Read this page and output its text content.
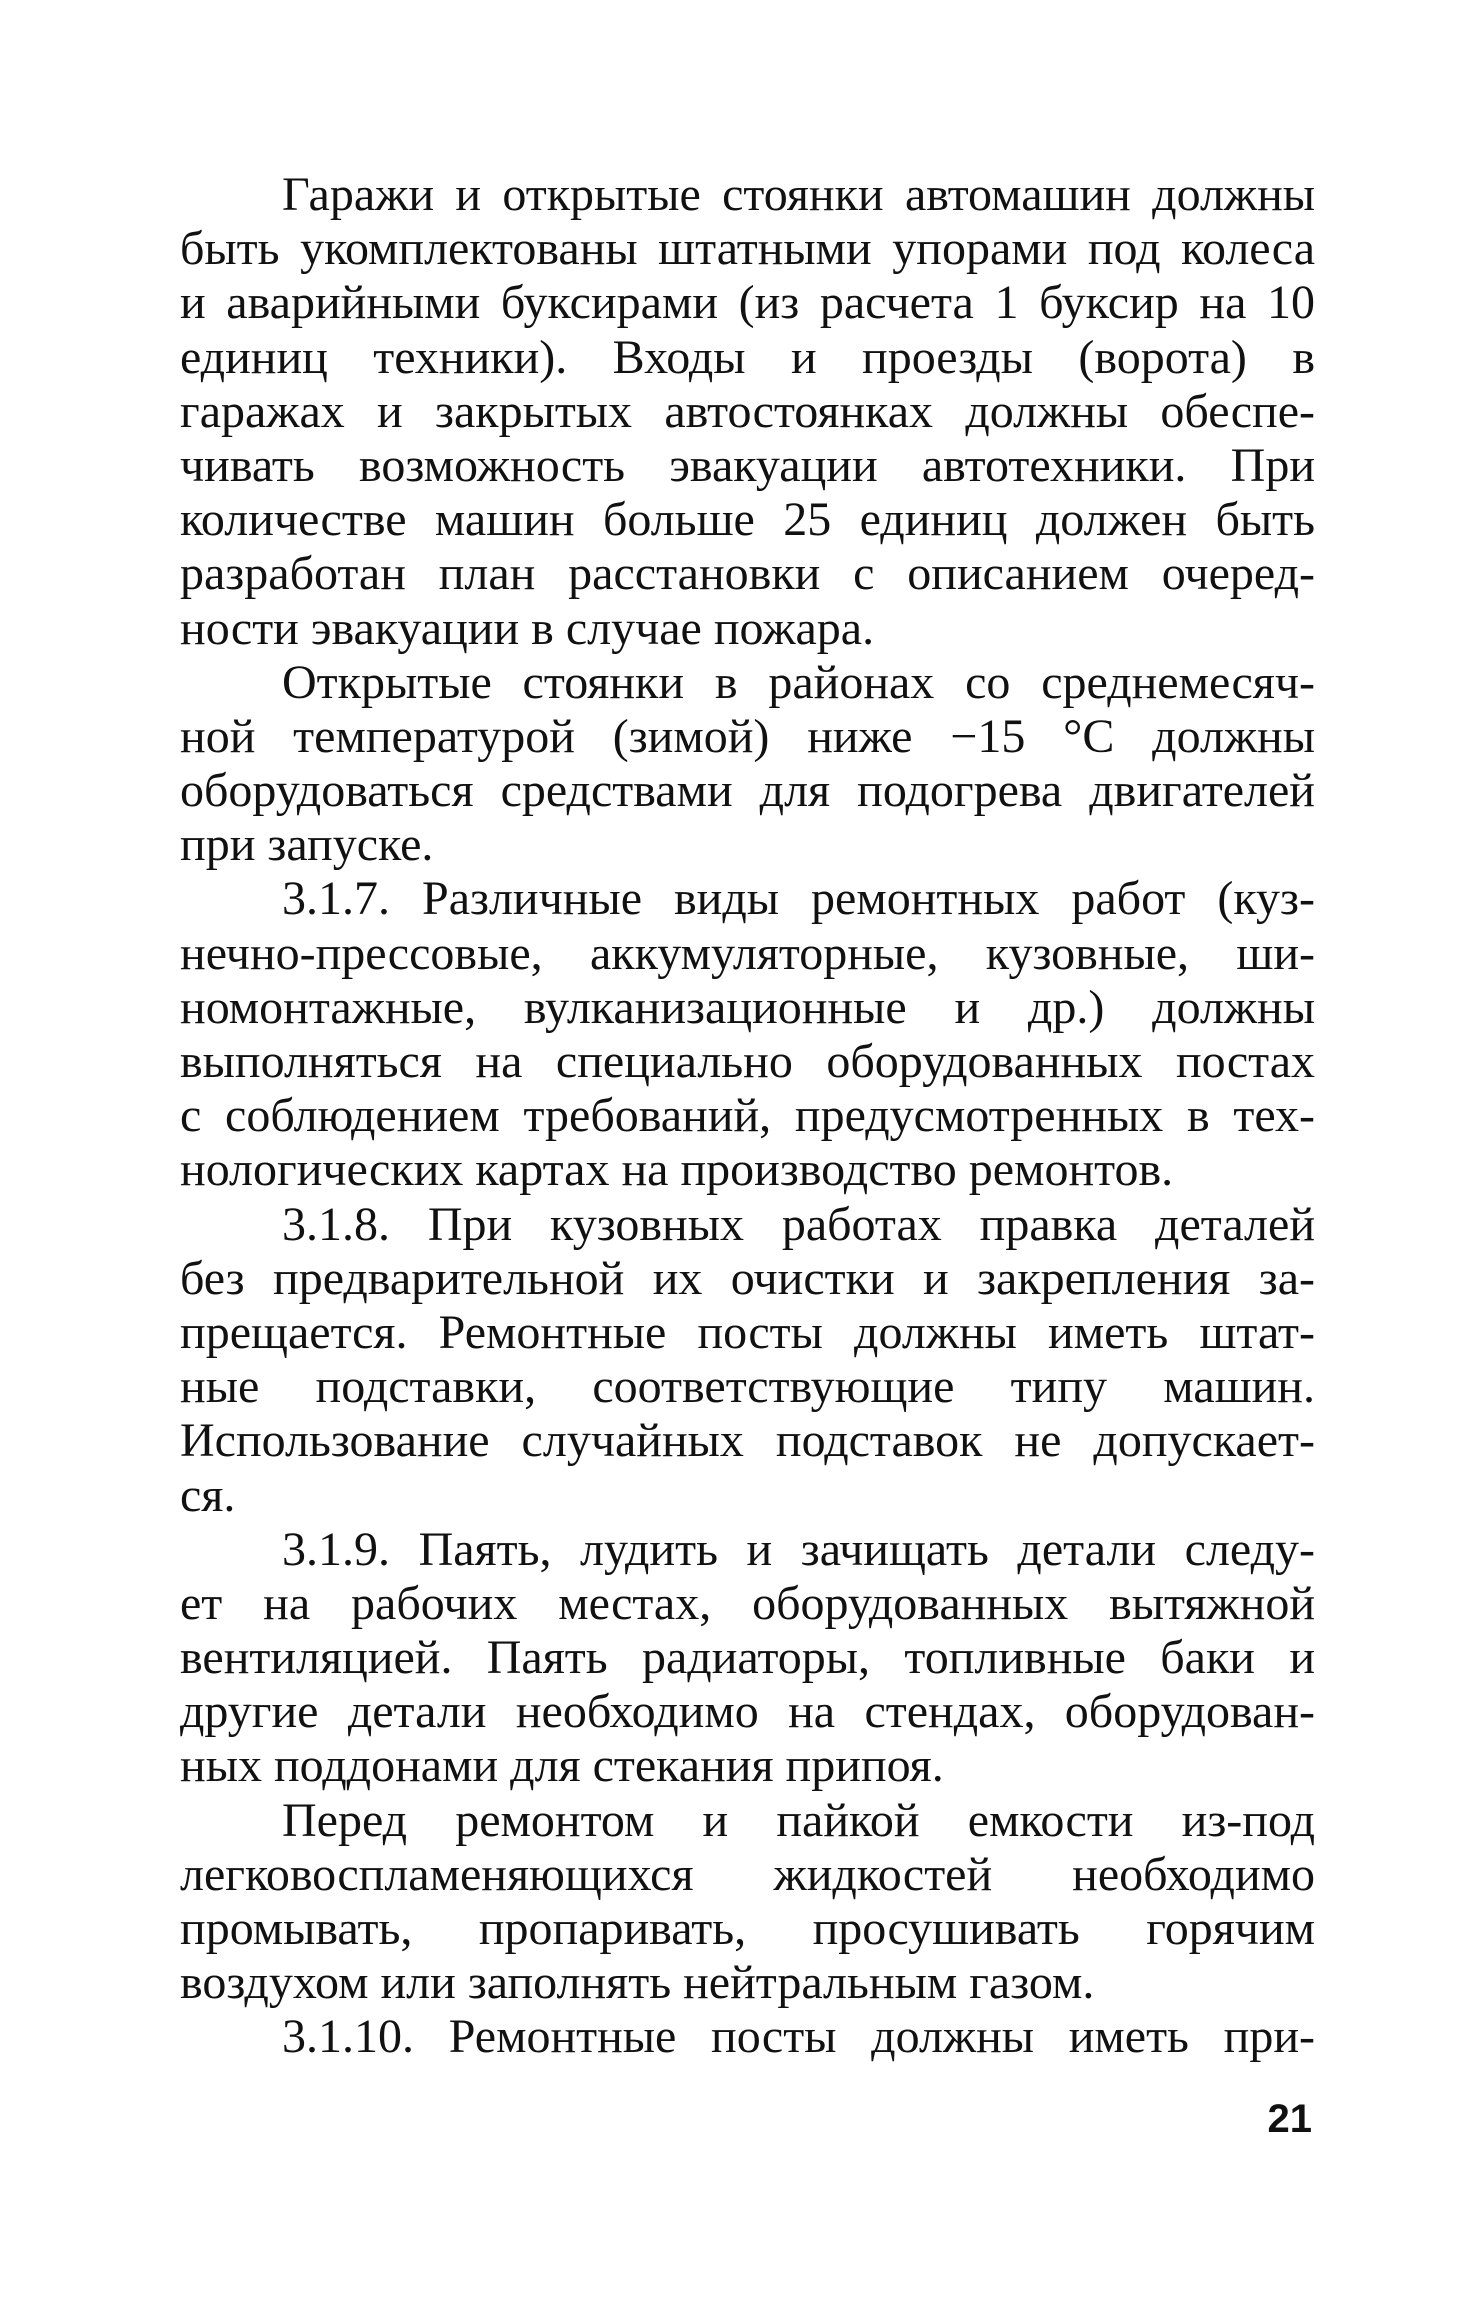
Гаражи и открытые стоянки автомашин должны
быть укомплектованы штатными упорами под колеса
и аварийными буксирами (из расчета 1 буксир на 10
единиц техники). Входы и проезды (ворота) в
гаражах и закрытых автостоянках должны обеспе-
чивать возможность эвакуации автотехники. При
количестве машин больше 25 единиц должен быть
разработан план расстановки с описанием очеред-
ности эвакуации в случае пожара.
Открытые стоянки в районах со среднемесяч-
ной температурой (зимой) ниже −15 °С должны
оборудоваться средствами для подогрева двигателей
при запуске.
3.1.7. Различные виды ремонтных работ (куз-
нечно-прессовые, аккумуляторные, кузовные, ши-
номонтажные, вулканизационные и др.) должны
выполняться на специально оборудованных постах
с соблюдением требований, предусмотренных в тех-
нологических картах на производство ремонтов.
3.1.8. При кузовных работах правка деталей
без предварительной их очистки и закрепления за-
прещается. Ремонтные посты должны иметь штат-
ные подставки, соответствующие типу машин.
Использование случайных подставок не допускает-
ся.
3.1.9. Паять, лудить и зачищать детали следу-
ет на рабочих местах, оборудованных вытяжной
вентиляцией. Паять радиаторы, топливные баки и
другие детали необходимо на стендах, оборудован-
ных поддонами для стекания припоя.
Перед ремонтом и пайкой емкости из-под
легковоспламеняющихся жидкостей необходимо
промывать, пропаривать, просушивать горячим
воздухом или заполнять нейтральным газом.
3.1.10. Ремонтные посты должны иметь при-
21
